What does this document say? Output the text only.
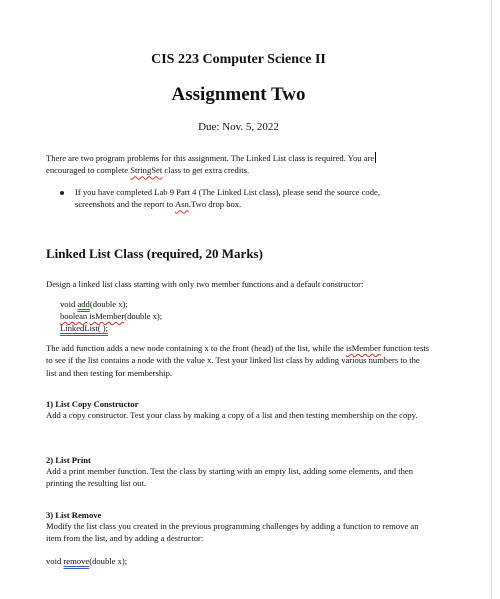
CIS 223 Computer Science II
Assignment Two
Due: Nov. 5, 2022
There are two program problems for this assignment. The Linked List class is required. You are
encouraged to complete StringSet class to get extra credits.
If you have completed Lab 9 Part 4 (The Linked List class), please send the source code,
screenshots and the report to Asn.Two drop box.
Linked List Class (required, 20 Marks)
Design a linked list class starting with only two member functions and a default constructor:
void add(double x);
boolean isMember(double x);
LinkedList( );
The add function adds a new node containing x to the front (head) of the list, while the isMember function tests to see if the list contains a node with the value x. Test your linked list class by adding various numbers to the list and then testing for membership.
1) List Copy Constructor
Add a copy constructor. Test your class by making a copy of a list and then testing membership on the copy.
2) List Print
Add a print member function. Test the class by starting with an empty list, adding some elements, and then printing the resulting list out.
3) List Remove
Modify the list class you created in the previous programming challenges by adding a function to remove an item from the list, and by adding a destructor:
void remove(double x);
